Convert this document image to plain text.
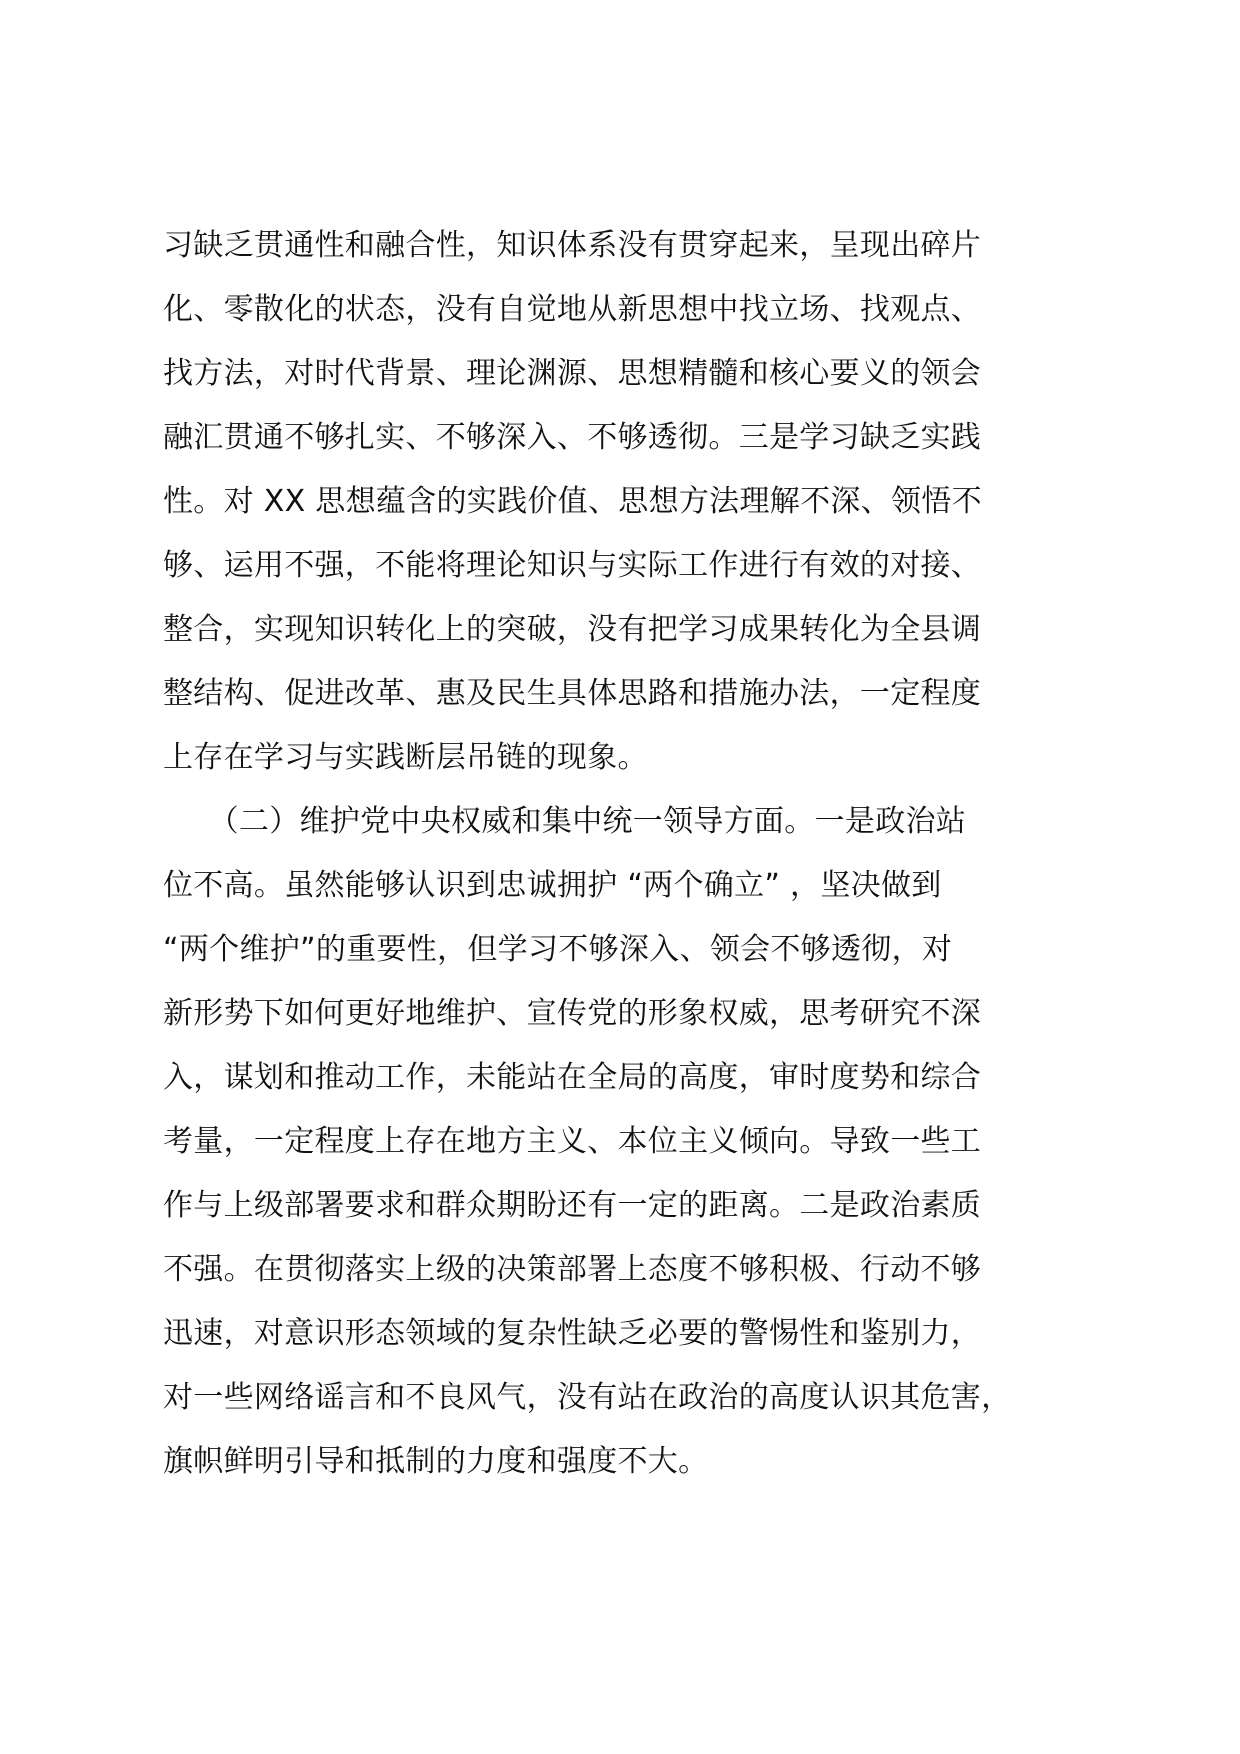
习缺乏贯通性和融合性，知识体系没有贯穿起来，呈现出碎片
化、零散化的状态，没有自觉地从新思想中找立场、找观点、
找方法，对时代背景、理论渊源、思想精髓和核心要义的领会
融汇贯通不够扎实、不够深入、不够透彻。三是学习缺乏实践
性。对 XX 思想蕴含的实践价值、思想方法理解不深、领悟不
够、运用不强，不能将理论知识与实际工作进行有效的对接、
整合，实现知识转化上的突破，没有把学习成果转化为全县调
整结构、促进改革、惠及民生具体思路和措施办法，一定程度
上存在学习与实践断层吊链的现象。
　　（二）维护党中央权威和集中统一领导方面。一是政治站
位不高。虽然能够认识到忠诚拥护 “两个确立” ，坚决做到
“两个维护”的重要性，但学习不够深入、领会不够透彻，对
新形势下如何更好地维护、宣传党的形象权威，思考研究不深
入，谋划和推动工作，未能站在全局的高度，审时度势和综合
考量，一定程度上存在地方主义、本位主义倾向。导致一些工
作与上级部署要求和群众期盼还有一定的距离。二是政治素质
不强。在贯彻落实上级的决策部署上态度不够积极、行动不够
迅速，对意识形态领域的复杂性缺乏必要的警惕性和鉴别力，
对一些网络谣言和不良风气，没有站在政治的高度认识其危害，
旗帜鲜明引导和抵制的力度和强度不大。
